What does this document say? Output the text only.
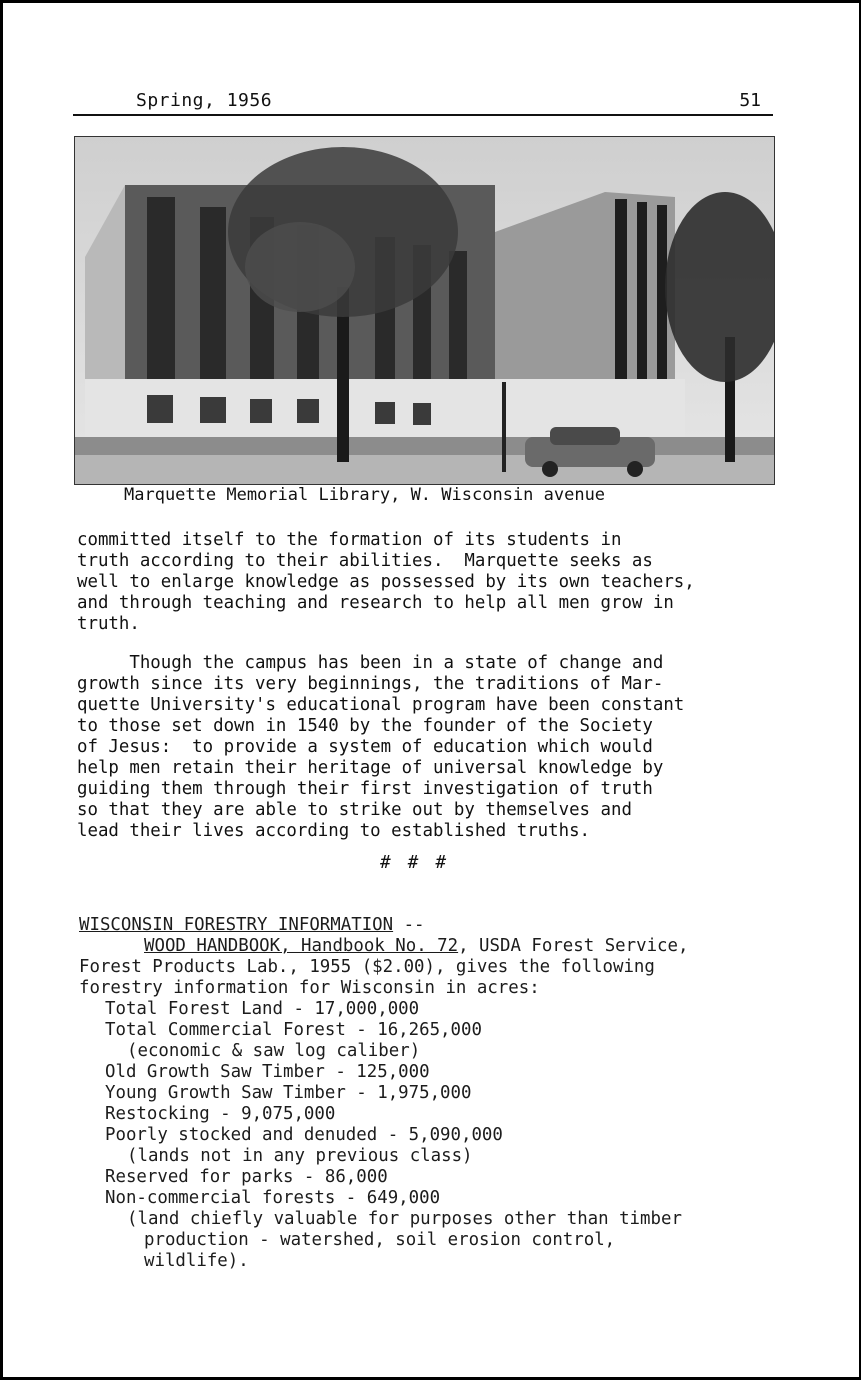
Spring, 1956	51
Marquette Memorial Library, W. Wisconsin avenue
committed itself to the formation of its students in
truth according to their abilities.  Marquette seeks as
well to enlarge knowledge as possessed by its own teachers,
and through teaching and research to help all men grow in
truth.
Though the campus has been in a state of change and
growth since its very beginnings, the traditions of Mar-
quette University's educational program have been constant
to those set down in 1540 by the founder of the Society
of Jesus:  to provide a system of education which would
help men retain their heritage of universal knowledge by
guiding them through their first investigation of truth
so that they are able to strike out by themselves and
lead their lives according to established truths.
# # #
WISCONSIN FORESTRY INFORMATION --
WOOD HANDBOOK, Handbook No. 72, USDA Forest Service,
Forest Products Lab., 1955 ($2.00), gives the following
forestry information for Wisconsin in acres:
Total Forest Land - 17,000,000
Total Commercial Forest - 16,265,000
(economic & saw log caliber)
Old Growth Saw Timber - 125,000
Young Growth Saw Timber - 1,975,000
Restocking - 9,075,000
Poorly stocked and denuded - 5,090,000
(lands not in any previous class)
Reserved for parks - 86,000
Non-commercial forests - 649,000
(land chiefly valuable for purposes other than timber
production - watershed, soil erosion control,
wildlife).
